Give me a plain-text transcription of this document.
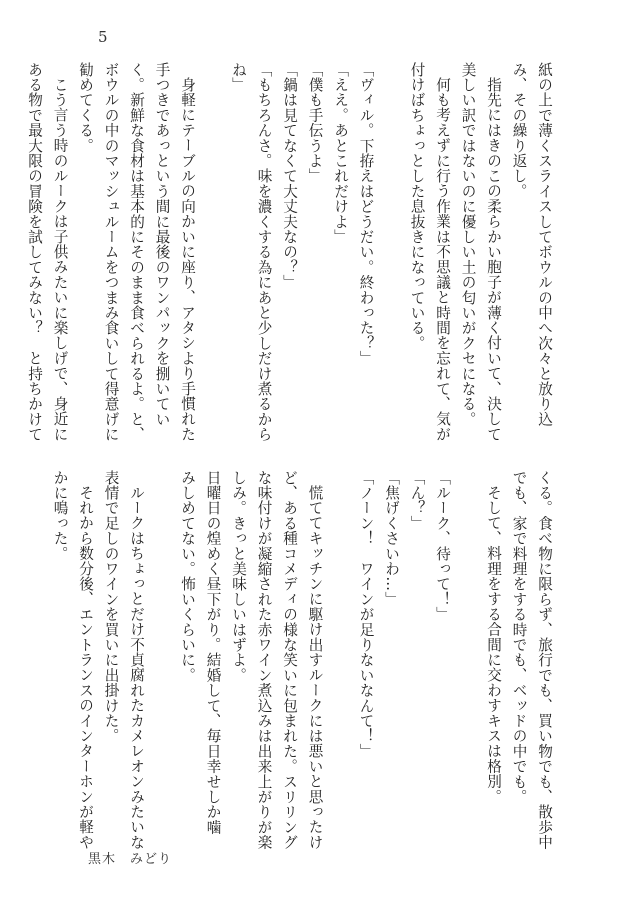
5

紙の上で薄くスライスしてボウルの中へ次々と放り込

み、その繰り返し。

指先にはきのこの柔らかい胞子が薄く付いて、決して

美しい訳ではないのに優しい土の匂いがクセになる。

何も考えずに行う作業は不思議と時間を忘れて、気が

付けばちょっとした息抜きになっている。

「ヴィル。下拵えはどうだい。終わった？」

「ええ。あとこれだけよ」

「僕も手伝うよ」

「鍋は見てなくて大丈夫なの？」

「もちろんさ。味を濃くする為にあと少しだけ煮るから

ね」

身軽にテーブルの向かいに座り、アタシより手慣れた

手つきであっという間に最後のワンパックを捌いてい

く。新鮮な食材は基本的にそのまま食べられるよ。と、

ボウルの中のマッシュルームをつまみ食いして得意げに

勧めてくる。

こう言う時のルークは子供みたいに楽しげで、身近に

ある物で最大限の冒険を試してみない？　と持ちかけて

くる。食べ物に限らず、旅行でも、買い物でも、散歩中

でも、家で料理をする時でも、ベッドの中でも。

そして、料理をする合間に交わすキスは格別。

「ルーク、待って！」

「ん？」

「焦げくさいわ…」

「ノーン！　ワインが足りないなんて！」

慌ててキッチンに駆け出すルークには悪いと思ったけ

ど、ある種コメディの様な笑いに包まれた。スリリング

な味付けが凝縮された赤ワイン煮込みは出来上がりが楽

しみ。きっと美味しいはずよ。

日曜日の煌めく昼下がり。結婚して、毎日幸せしか噛

みしめてない。怖いくらいに。

ルークはちょっとだけ不貞腐れたカメレオンみたいな

表情で足しのワインを買いに出掛けた。

それから数分後、エントランスのインターホンが軽や

かに鳴った。

黒木　みどり
